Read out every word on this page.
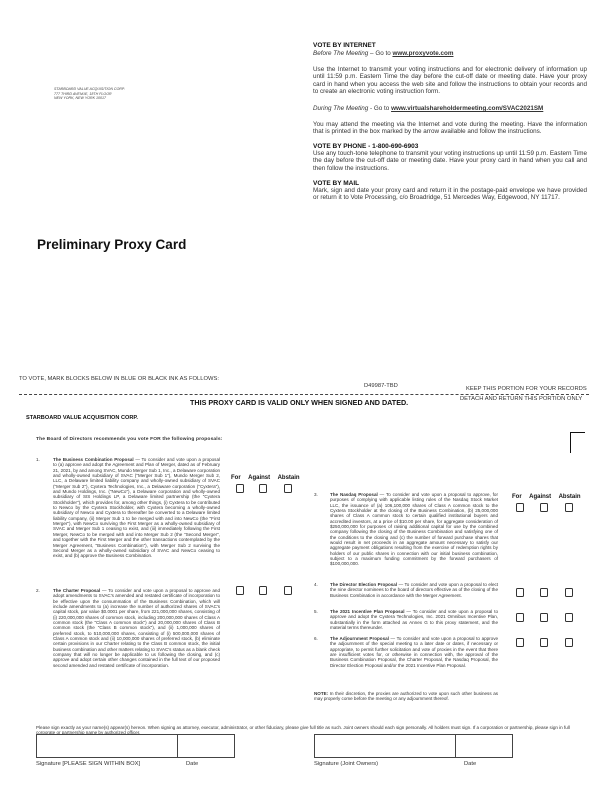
STARBOARD VALUE ACQUISITION CORP.
777 THIRD AVENUE, 18TH FLOOR
NEW YORK, NEW YORK 10017
VOTE BY INTERNET
Before The Meeting – Go to www.proxyvote.com
Use the Internet to transmit your voting instructions and for electronic delivery of information up until 11:59 p.m. Eastern Time the day before the cut-off date or meeting date. Have your proxy card in hand when you access the web site and follow the instructions to obtain your records and to create an electronic voting instruction form.
During The Meeting - Go to www.virtualshareholdermeeting.com/SVAC2021SM
You may attend the meeting via the Internet and vote during the meeting. Have the information that is printed in the box marked by the arrow available and follow the instructions.
VOTE BY PHONE - 1-800-690-6903
Use any touch-tone telephone to transmit your voting instructions up until 11:59 p.m. Eastern Time the day before the cut-off date or meeting date. Have your proxy card in hand when you call and then follow the instructions.
VOTE BY MAIL
Mark, sign and date your proxy card and return it in the postage-paid envelope we have provided or return it to Vote Processing, c/o Broadridge, 51 Mercedes Way, Edgewood, NY 11717.
Preliminary Proxy Card
TO VOTE, MARK BLOCKS BELOW IN BLUE OR BLACK INK AS FOLLOWS:
D49987-TBD	KEEP THIS PORTION FOR YOUR RECORDS
DETACH AND RETURN THIS PORTION ONLY
THIS PROXY CARD IS VALID ONLY WHEN SIGNED AND DATED.
STARBOARD VALUE ACQUISITION CORP.
The Board of Directors recommends you vote FOR the following proposals:
For Against Abstain
For Against Abstain
1.	The Business Combination Proposal — To consider and vote upon a proposal to (a) approve and adopt the Agreement and Plan of Merger, dated as of February 21, 2021, by and among SVAC, Mundo Merger Sub 1, Inc., a Delaware corporation and wholly-owned subsidiary of SVAC ("Merger Sub 1"), Mundo Merger Sub 2, LLC, a Delaware limited liability company and wholly-owned subsidiary of SVAC ("Merger Sub 2"), Cyxtera Technologies, Inc., a Delaware corporation ("Cyxtera"), and Mundo Holdings, Inc. ("NewCo"), a Delaware corporation and wholly-owned subsidiary of SIS Holdings LP, a Delaware limited partnership (the "Cyxtera Stockholder"), which provides for, among other things, (i) Cyxtera to be contributed to Newco by the Cyxtera Stockholder, with Cyxtera becoming a wholly-owned subsidiary of Newco and Cyxtera to thereafter be converted to a Delaware limited liability company, (ii) Merger Sub 1 to be merged with and into NewCo (the "First Merger"), with NewCo surviving the First Merger as a wholly-owned subsidiary of SVAC and Merger Sub 1 ceasing to exist, and (iii) immediately following the First Merger, NewCo to be merged with and into Merger Sub 2 (the "Second Merger", and together with the First Merger and the other transactions contemplated by the Merger Agreement, "Business Combination"), with Merger Sub 2 surviving the Second Merger as a wholly-owned subsidiary of SVAC and NewCo ceasing to exist, and (b) approve the Business Combination.
2.	The Charter Proposal — To consider and vote upon a proposal to approve and adopt amendments to SVAC's amended and restated certificate of incorporation to be effective upon the consummation of the Business Combination, which will include amendments to (a) increase the number of authorized shares of SVAC's capital stock, par value $0.0001 per share, from 221,000,000 shares, consisting of (i) 220,000,000 shares of common stock, including 200,000,000 shares of Class A common stock (the "Class A common stock") and 20,000,000 shares of Class B common stock (the "Class B common stock"), and (ii) 1,000,000 shares of preferred stock, to 510,000,000 shares, consisting of (i) 500,000,000 shares of Class A common stock and (ii) 10,000,000 shares of preferred stock, (b) eliminate certain provisions in our Charter relating to the Class B common stock, the initial business combination and other matters relating to SVAC's status as a blank check company that will no longer be applicable to us following the closing, and (c) approve and adopt certain other changes contained in the full text of our proposed second amended and restated certificate of incorporation.
3.	The Nasdaq Proposal — To consider and vote upon a proposal to approve, for purposes of complying with applicable listing rules of the Nasdaq Stock Market LLC, the issuance of (a) 106,100,000 shares of Class A common stock to the Cyxtera Stockholder at the closing of the Business Combination, (b) 25,000,000 shares of Class A common stock to certain qualified institutional buyers and accredited investors, at a price of $10.00 per share, for aggregate consideration of $250,000,000 for purposes of raising additional capital for use by the combined company following the closing of the Business Combination and satisfying one of the conditions to the closing and (c) the number of forward purchase shares that would result in net proceeds in an aggregate amount necessary to satisfy our aggregate payment obligations resulting from the exercise of redemption rights by holders of our public shares in connection with our initial business combination, subject to a maximum funding commitment by the forward purchasers of $100,000,000.
4.	The Director Election Proposal — To consider and vote upon a proposal to elect the nine director nominees to the board of directors effective as of the closing of the Business Combination in accordance with the Merger Agreement.
5.	The 2021 Incentive Plan Proposal — To consider and vote upon a proposal to approve and adopt the Cyxtera Technologies, Inc. 2021 Omnibus Incentive Plan, substantially in the form attached as Annex G to this proxy statement, and the material terms thereunder.
6.	The Adjournment Proposal — To consider and vote upon a proposal to approve the adjournment of the special meeting to a later date or dates, if necessary or appropriate, to permit further solicitation and vote of proxies in the event that there are insufficient votes for, or otherwise in connection with, the approval of the Business Combination Proposal, the Charter Proposal, the Nasdaq Proposal, the Director Election Proposal and/or the 2021 Incentive Plan Proposal.
NOTE: In their discretion, the proxies are authorized to vote upon such other business as may properly come before the meeting or any adjournment thereof.
Please sign exactly as your name(s) appear(s) hereon. When signing as attorney, executor, administrator, or other fiduciary, please give full title as such. Joint owners should each sign personally. All holders must sign. If a corporation or partnership, please sign in full corporate or partnership name by authorized officer.
Signature [PLEASE SIGN WITHIN BOX]	Date	Signature (Joint Owners)	Date
